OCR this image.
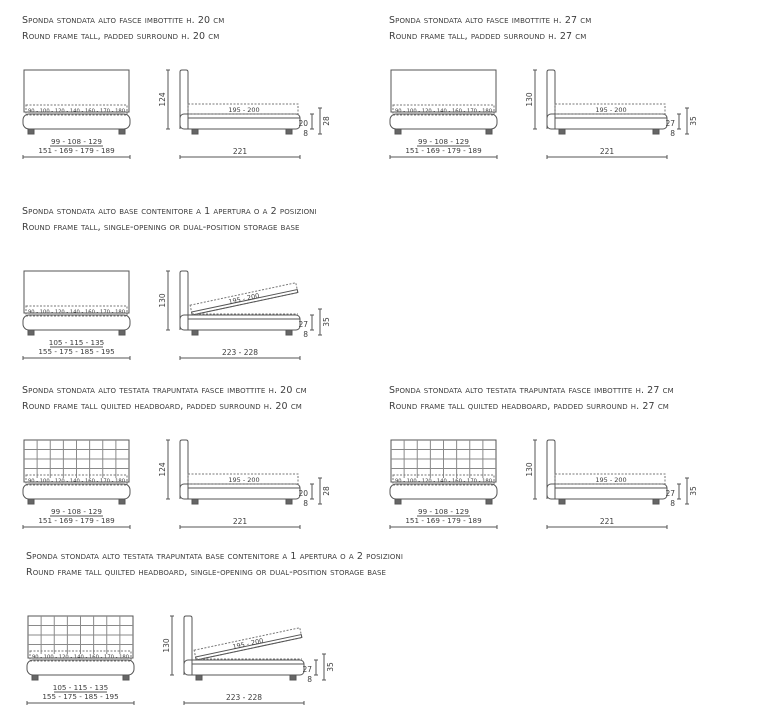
Sponda stondata alto fasce imbottite h. 20 cm
Round frame tall, padded surround h. 20 cm
90 - 100 - 120 - 140 - 160 - 170 - 180
99 - 108 - 129
151 - 169 - 179 - 189
195 - 200
124
20
8
28
221
Sponda stondata alto fasce imbottite h. 27 cm
Round frame tall, padded surround h. 27 cm
90 - 100 - 120 - 140 - 160 - 170 - 180
99 - 108 - 129
151 - 169 - 179 - 189
195 - 200
130
27
8
35
221
Sponda stondata alto base contenitore a 1 apertura o a 2 posizioni
Round frame tall, single-opening or dual-position storage base
90 - 100 - 120 - 140 - 160 - 170 - 180
105 - 115 - 135
155 - 175 - 185 - 195
195 - 200
130
27
8
35
223 - 228
Sponda stondata alto testata trapuntata fasce imbottite h. 20 cm
Round frame tall quilted headboard, padded surround h. 20 cm
90 - 100 - 120 - 140 - 160 - 170 - 180
99 - 108 - 129
151 - 169 - 179 - 189
195 - 200
124
20
8
28
221
Sponda stondata alto testata trapuntata fasce imbottite h. 27 cm
Round frame tall quilted headboard, padded surround h. 27 cm
90 - 100 - 120 - 140 - 160 - 170 - 180
99 - 108 - 129
151 - 169 - 179 - 189
195 - 200
130
27
8
35
221
Sponda stondata alto testata trapuntata base contenitore a 1 apertura o a 2 posizioni
Round frame tall quilted headboard, single-opening or dual-position storage base
90 - 100 - 120 - 140 - 160 - 170 - 180
105 - 115 - 135
155 - 175 - 185 - 195
195 - 200
130
27
8
35
223 - 228
